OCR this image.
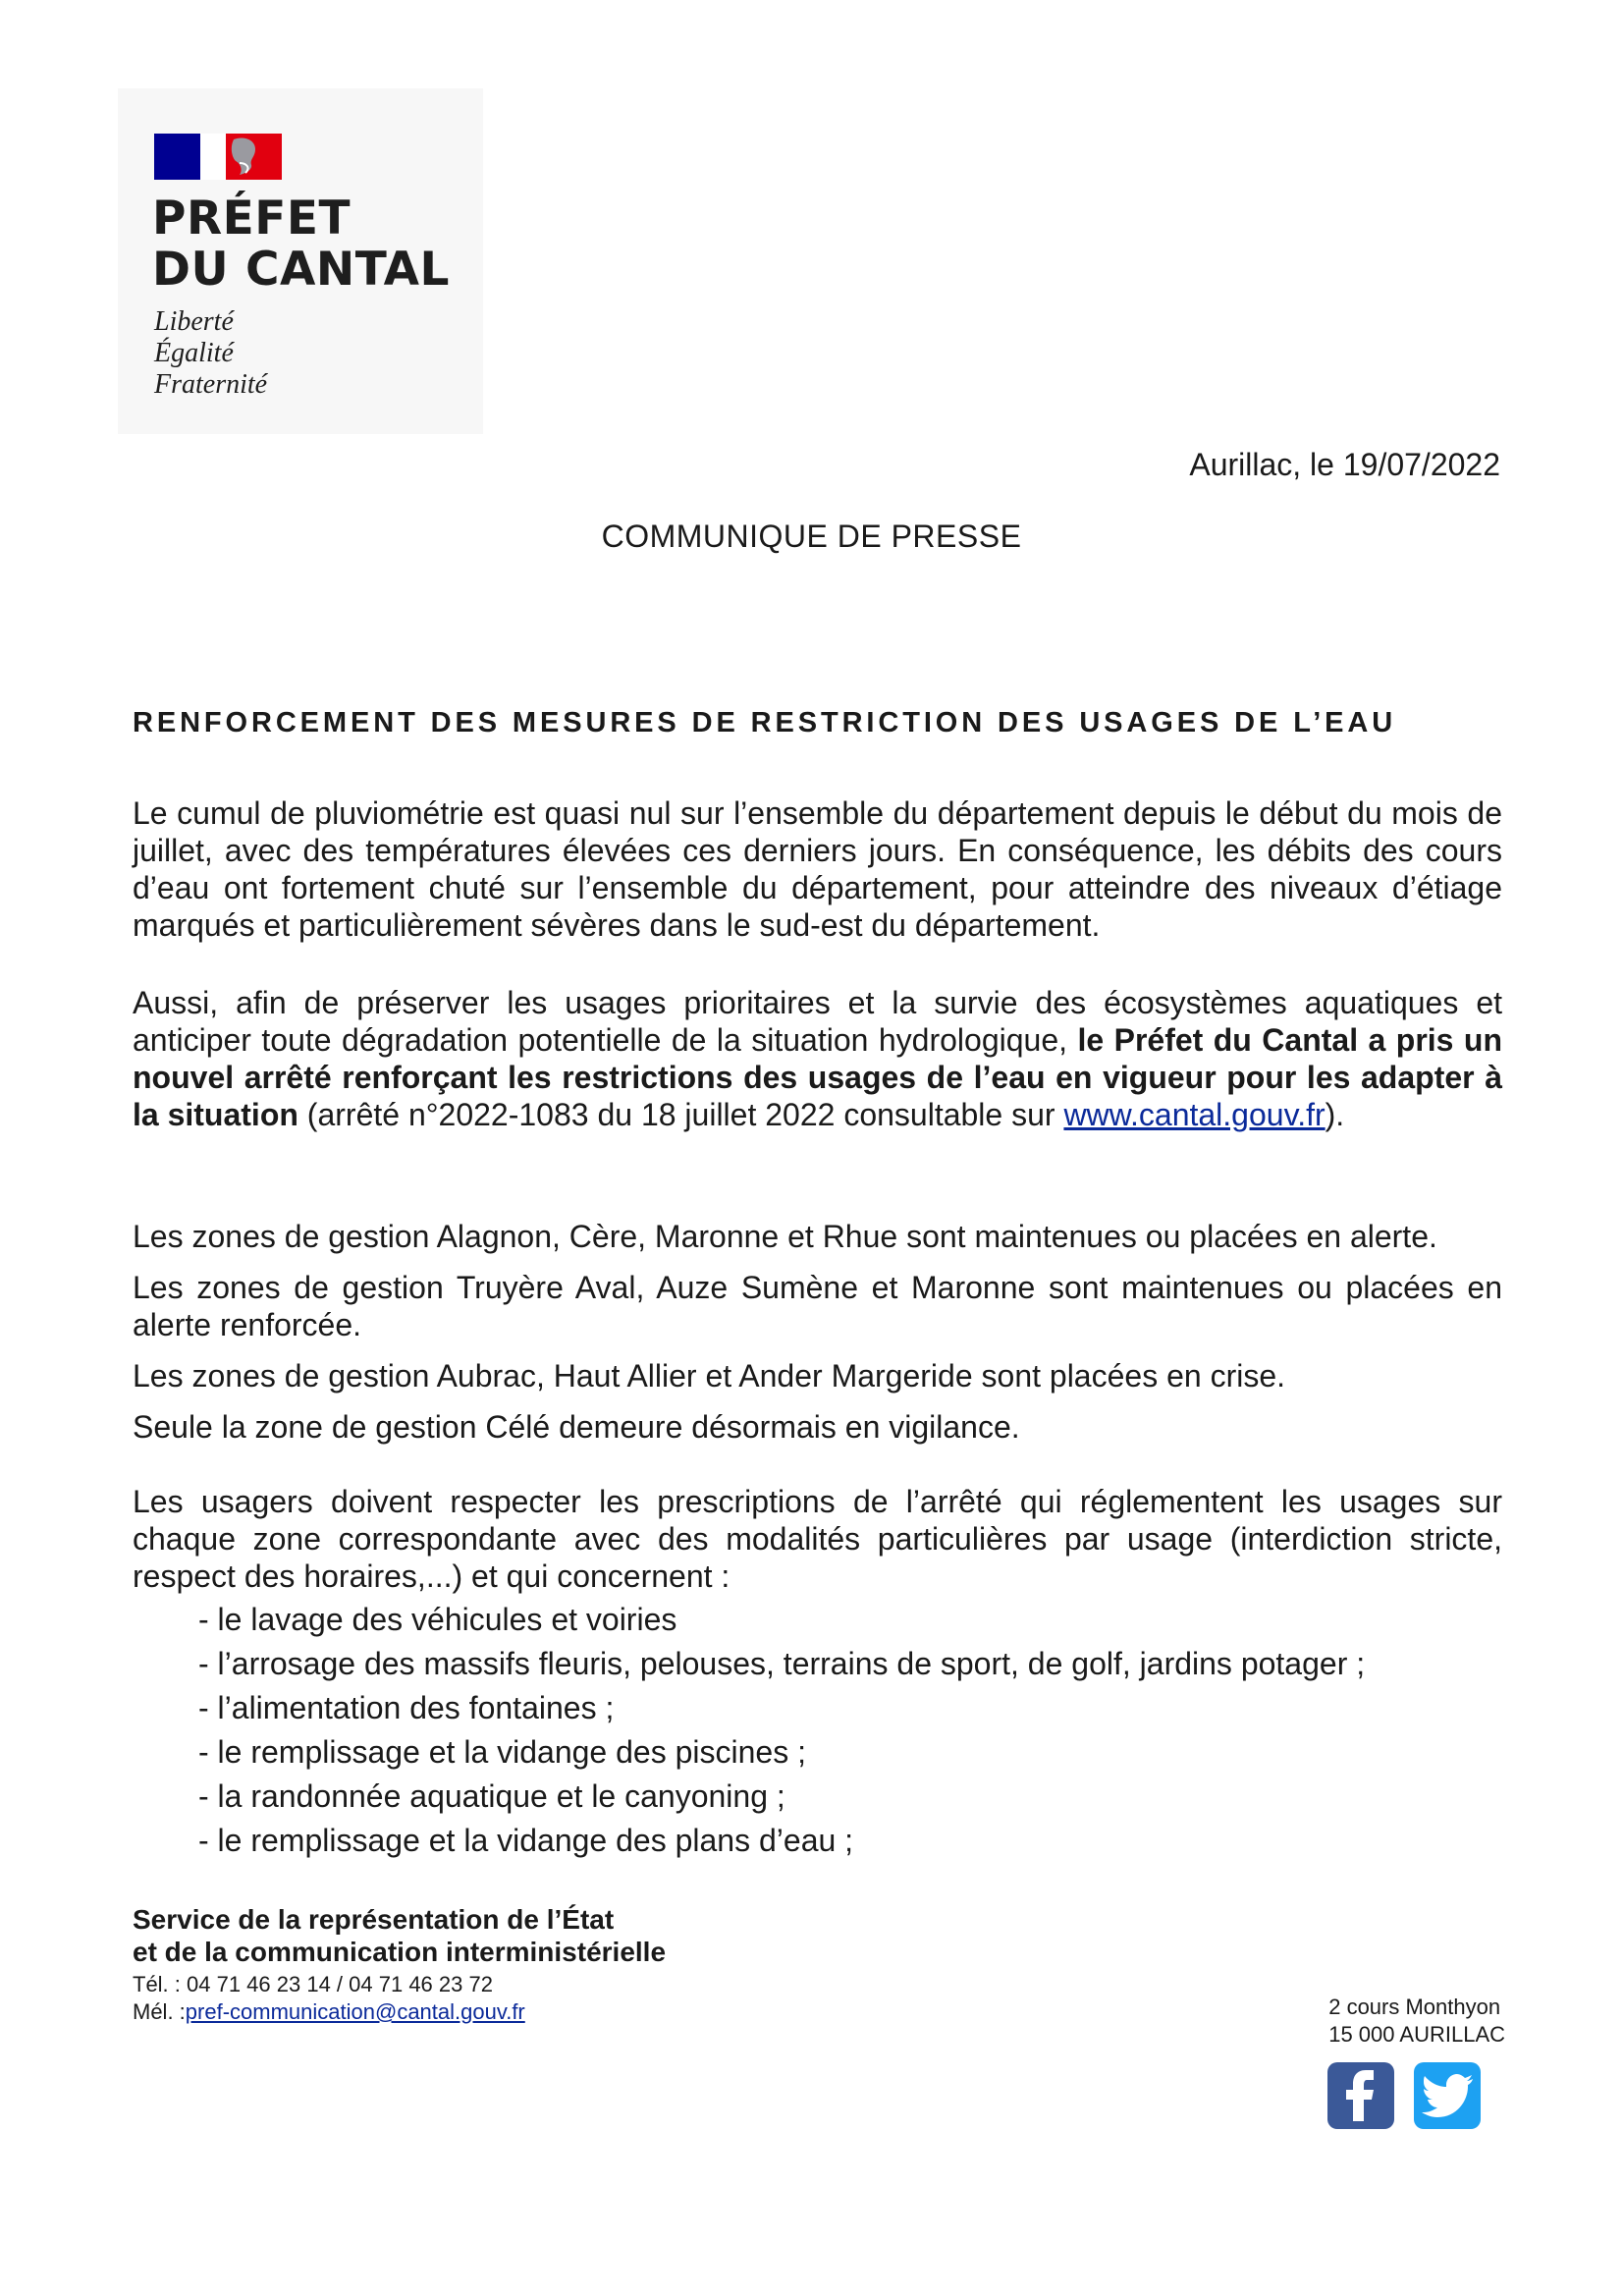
PRÉFET
DU CANTAL
Liberté
Égalité
Fraternité
Aurillac, le 19/07/2022
COMMUNIQUE DE PRESSE
RENFORCEMENT DES MESURES DE RESTRICTION DES USAGES DE L’EAU
Le cumul de pluviométrie est quasi nul sur l’ensemble du département depuis le début du mois de juillet, avec des températures élevées ces derniers jours. En conséquence, les débits des cours d’eau ont fortement chuté sur l’ensemble du département, pour atteindre des niveaux d’étiage marqués et particulièrement sévères dans le sud-est du département.
Aussi, afin de préserver les usages prioritaires et la survie des écosystèmes aquatiques et anticiper toute dégradation potentielle de la situation hydrologique, le Préfet du Cantal a pris un nouvel arrêté renforçant les restrictions des usages de l’eau en vigueur pour les adapter à la situation (arrêté n°2022-1083 du 18 juillet 2022 consultable sur www.cantal.gouv.fr).

Les zones de gestion Alagnon, Cère, Maronne et Rhue sont maintenues ou placées en alerte.

Les zones de gestion Truyère Aval, Auze Sumène et Maronne sont maintenues ou placées en alerte renforcée.

Les zones de gestion Aubrac, Haut Allier et Ander Margeride sont placées en crise.

Seule la zone de gestion Célé demeure désormais en vigilance.

Les usagers doivent respecter les prescriptions de l’arrêté qui réglementent les usages sur chaque zone correspondante avec des modalités particulières par usage (interdiction stricte, respect des horaires,...) et qui concernent :
- le lavage des véhicules et voiries
- l’arrosage des massifs fleuris, pelouses, terrains de sport, de golf, jardins potager ;
- l’alimentation des fontaines ;
- le remplissage et la vidange des piscines ;
- la randonnée aquatique et le canyoning ;
- le remplissage et la vidange des plans d’eau ;
Service de la représentation de l’État
et de la communication interministérielle
Tél. : 04 71 46 23 14 / 04 71 46 23 72
Mél. :pref-communication@cantal.gouv.fr	2 cours Monthyon
15 000 AURILLAC
